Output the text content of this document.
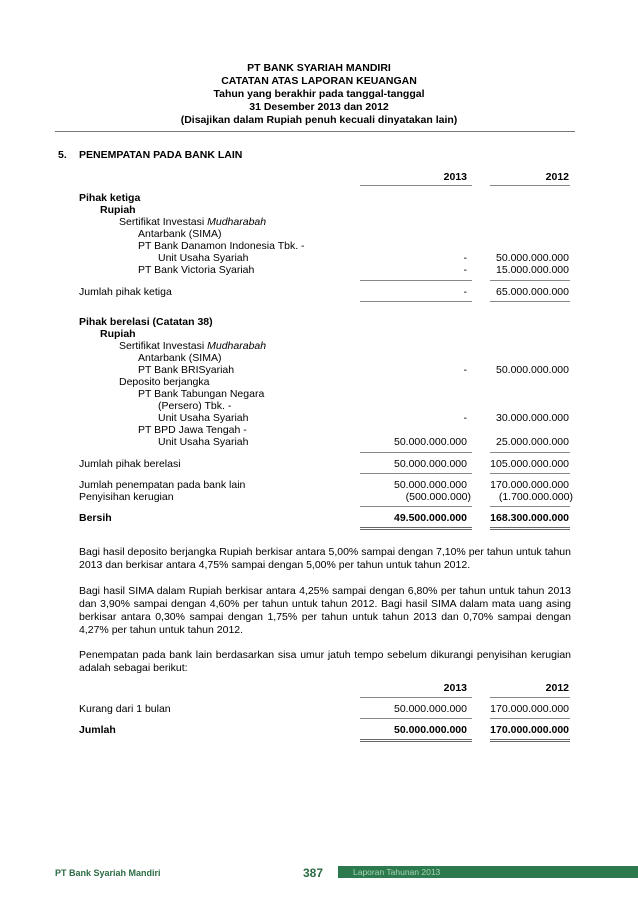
PT BANK SYARIAH MANDIRI
CATATAN ATAS LAPORAN KEUANGAN
Tahun yang berakhir pada tanggal-tanggal
31 Desember 2013 dan 2012
(Disajikan dalam Rupiah penuh kecuali dinyatakan lain)
5. PENEMPATAN PADA BANK LAIN
2013	2012
Pihak ketiga
Rupiah
Sertifikat Investasi Mudharabah
Antarbank (SIMA)
PT Bank Danamon Indonesia Tbk. -
Unit Usaha Syariah	-	50.000.000.000
PT Bank Victoria Syariah	-	15.000.000.000
Jumlah pihak ketiga	-	65.000.000.000
Pihak berelasi (Catatan 38)
Rupiah
Sertifikat Investasi Mudharabah
Antarbank (SIMA)
PT Bank BRISyariah	-	50.000.000.000
Deposito berjangka
PT Bank Tabungan Negara
(Persero) Tbk. -
Unit Usaha Syariah	-	30.000.000.000
PT BPD Jawa Tengah -
Unit Usaha Syariah	50.000.000.000	25.000.000.000
Jumlah pihak berelasi	50.000.000.000 105.000.000.000
Jumlah penempatan pada bank lain	50.000.000.000 170.000.000.000
Penyisihan kerugian	(500.000.000)	(1.700.000.000)
Bersih	49.500.000.000 168.300.000.000
Bagi hasil deposito berjangka Rupiah berkisar antara 5,00% sampai dengan 7,10% per tahun untuk tahun 2013 dan berkisar antara 4,75% sampai dengan 5,00% per tahun untuk tahun 2012.
Bagi hasil SIMA dalam Rupiah berkisar antara 4,25% sampai dengan 6,80% per tahun untuk tahun 2013 dan 3,90% sampai dengan 4,60% per tahun untuk tahun 2012. Bagi hasil SIMA dalam mata uang asing berkisar antara 0,30% sampai dengan 1,75% per tahun untuk tahun 2013 dan 0,70% sampai dengan 4,27% per tahun untuk tahun 2012.
Penempatan pada bank lain berdasarkan sisa umur jatuh tempo sebelum dikurangi penyisihan kerugian adalah sebagai berikut:
2013	2012
Kurang dari 1 bulan	50.000.000.000 170.000.000.000
Jumlah	50.000.000.000 170.000.000.000
PT Bank Syariah Mandiri	387	Laporan Tahunan 2013
